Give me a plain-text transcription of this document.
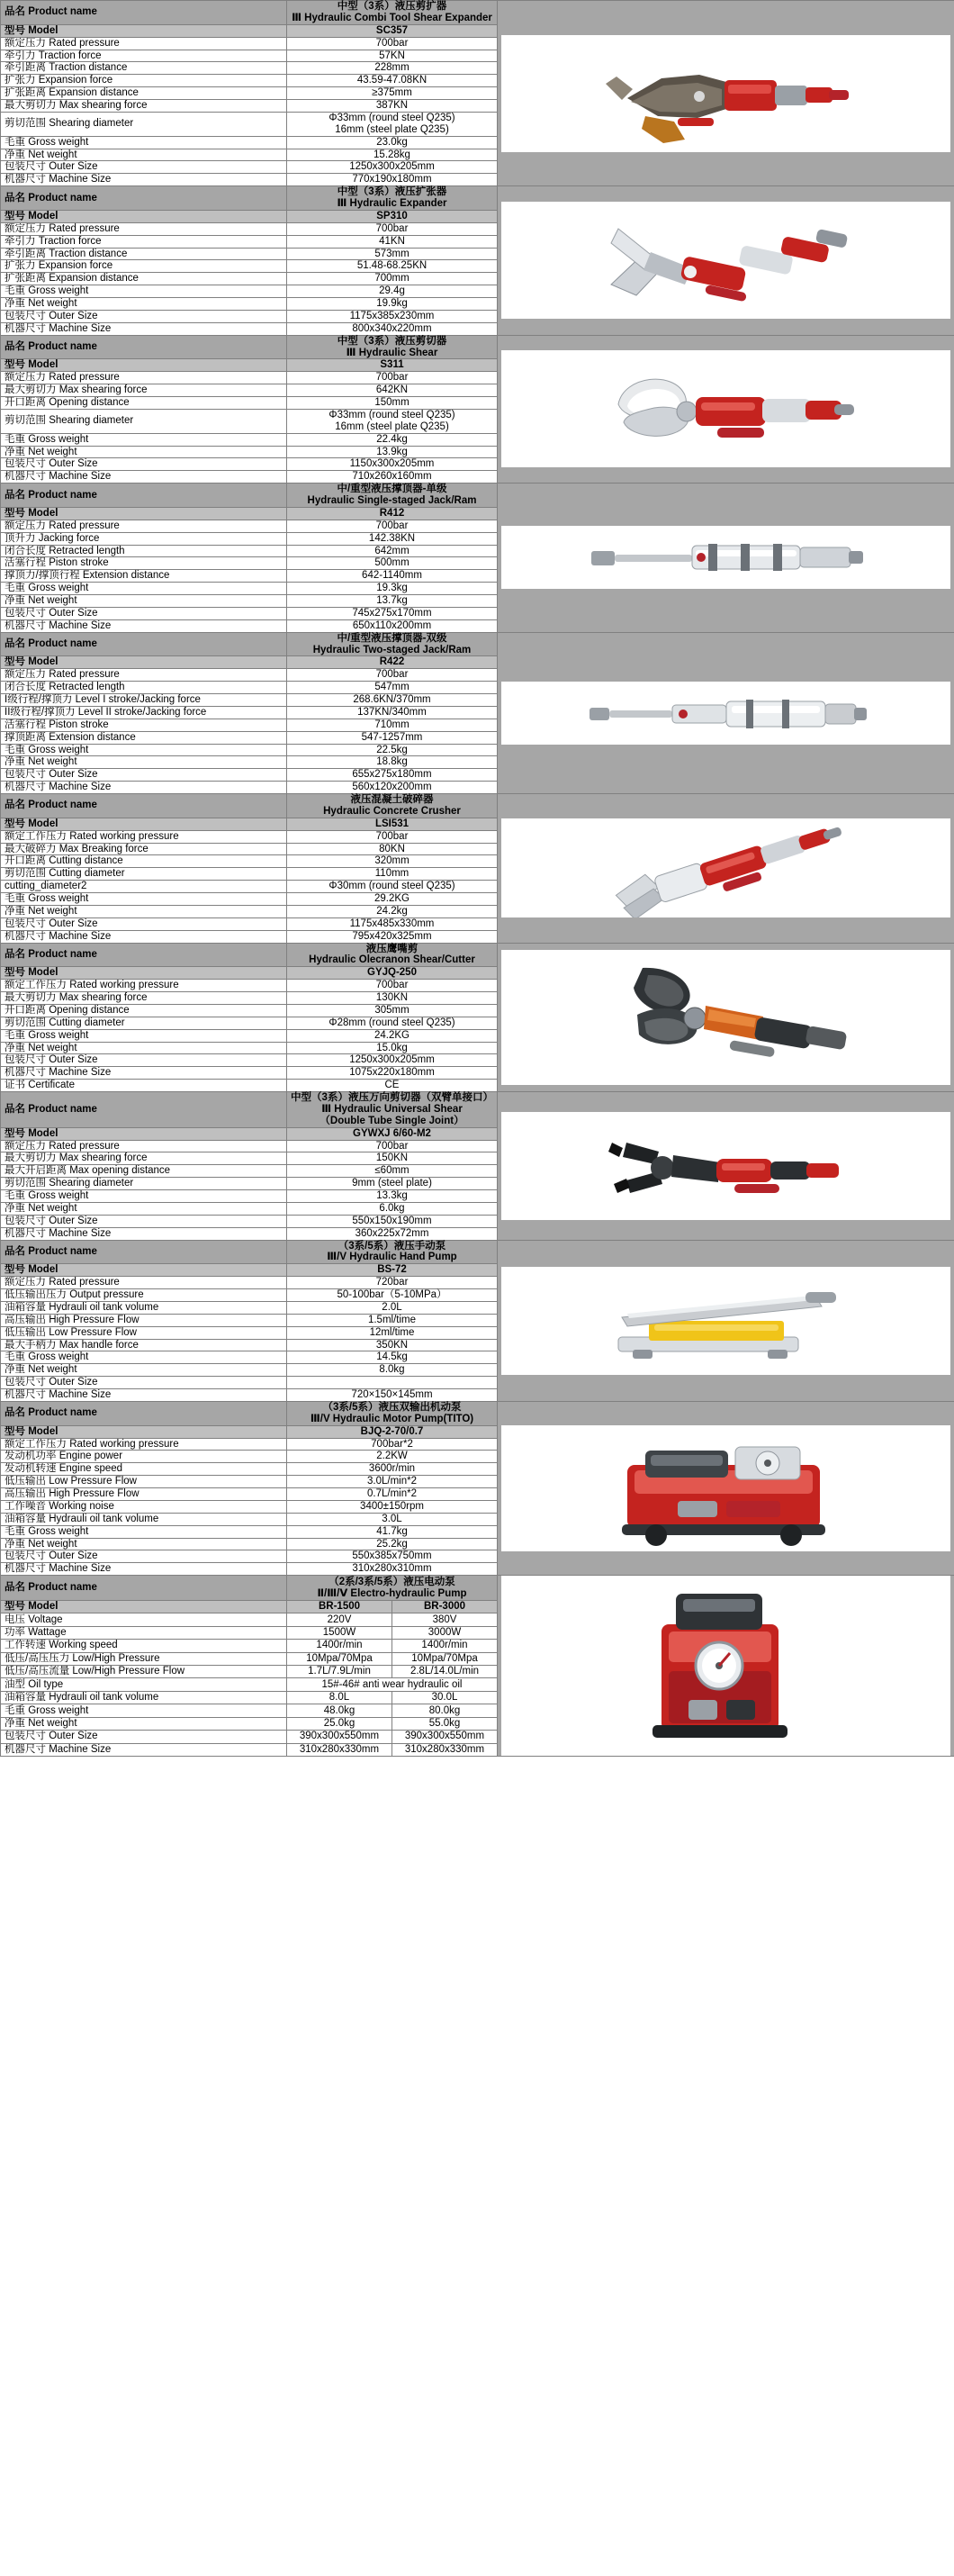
品名 Product name	中型（3系）液压剪扩器
Ⅲ Hydraulic Combi Tool Shear Expander

型号 Model	SC357		
额定压力 Rated pressure	700bar		
牵引力 Traction force	57KN		
牵引距离 Traction distance	228mm		
扩张力 Expansion force	43.59-47.08KN		
扩张距离 Expansion distance	≥375mm		
最大剪切力 Max shearing force	387KN		
剪切范围 Shearing diameter	Φ33mm (round steel Q235)
16mm (steel plate Q235)		

毛重 Gross weight	23.0kg		
净重 Net weight	15.28kg		
包装尺寸 Outer Size	1250x300x205mm		
机器尺寸 Machine Size	770x190x180mm		
品名 Product name	中型（3系）液压扩张器
Ⅲ Hydraulic Expander

型号 Model	SP310		
额定压力 Rated pressure	700bar		
牵引力 Traction force	41KN		
牵引距离 Traction distance	573mm		
扩张力 Expansion force	51.48-68.25KN		
扩张距离 Expansion distance	700mm		
毛重 Gross weight	29.4g		
净重 Net weight	19.9kg		
包装尺寸 Outer Size	1175x385x230mm		
机器尺寸 Machine Size	800x340x220mm		
品名 Product name	中型（3系）液压剪切器
Ⅲ Hydraulic Shear

型号 Model	S311		
额定压力 Rated pressure	700bar		
最大剪切力 Max shearing force	642KN		
开口距离 Opening distance	150mm		
剪切范围 Shearing diameter	Φ33mm (round steel Q235)
16mm (steel plate Q235)		

毛重 Gross weight	22.4kg		
净重 Net weight	13.9kg		
包装尺寸 Outer Size	1150x300x205mm		
机器尺寸 Machine Size	710x260x160mm		
品名 Product name	中/重型液压撑顶器-单级
Hydraulic Single-staged Jack/Ram

型号 Model	R412		
额定压力 Rated pressure	700bar		
顶升力 Jacking force	142.38KN		
闭合长度 Retracted length	642mm		
活塞行程 Piston stroke	500mm		
撑顶力/撑顶行程 Extension distance	642-1140mm		
毛重 Gross weight	19.3kg		
净重 Net weight	13.7kg		
包装尺寸 Outer Size	745x275x170mm		
机器尺寸 Machine Size	650x110x200mm		
品名 Product name	中/重型液压撑顶器-双级
Hydraulic Two-staged Jack/Ram

型号 Model	R422		
额定压力 Rated pressure	700bar		
闭合长度 Retracted length	547mm		
I级行程/撑顶力 Level I stroke/Jacking force	268.6KN/370mm		
II级行程/撑顶力 Level II stroke/Jacking force	137KN/340mm		
活塞行程 Piston stroke	710mm		
撑顶距离 Extension distance	547-1257mm		
毛重 Gross weight	22.5kg		
净重 Net weight	18.8kg		
包装尺寸 Outer Size	655x275x180mm		
机器尺寸 Machine Size	560x120x200mm		
品名 Product name	液压混凝土破碎器
Hydraulic Concrete Crusher

型号 Model	LSI531		
额定工作压力 Rated working pressure	700bar		
最大破碎力 Max Breaking force	80KN		
开口距离 Cutting distance	320mm		
剪切范围 Cutting diameter	110mm		
cutting_diameter2	Φ30mm (round steel Q235)		
毛重 Gross weight	29.2KG		
净重 Net weight	24.2kg		
包装尺寸 Outer Size	1175x485x330mm		
机器尺寸 Machine Size	795x420x325mm		
品名 Product name	液压鹰嘴剪
Hydraulic Olecranon Shear/Cutter

型号 Model	GYJQ-250		
额定工作压力 Rated working pressure	700bar		
最大剪切力 Max shearing force	130KN		
开口距离 Opening distance	305mm		
剪切范围 Cutting diameter	Φ28mm (round steel Q235)		
毛重 Gross weight	24.2KG		
净重 Net weight	15.0kg		
包装尺寸 Outer Size	1250x300x205mm		
机器尺寸 Machine Size	1075x220x180mm		
证书 Certificate	CE		
品名 Product name	中型（3系）液压万向剪切器（双臂单接口）
Ⅲ Hydraulic Universal Shear
（Double Tube Single Joint）

型号 Model	GYWXJ 6/60-M2		
额定压力 Rated pressure	700bar		
最大剪切力 Max shearing force	150KN		
最大开启距离 Max opening distance	≤60mm		
剪切范围 Shearing diameter	9mm (steel plate)		
毛重 Gross weight	13.3kg		
净重 Net weight	6.0kg		
包装尺寸 Outer Size	550x150x190mm		
机器尺寸 Machine Size	360x225x72mm		
品名 Product name	（3系/5系）液压手动泵
Ⅲ/V Hydraulic Hand Pump

型号 Model	BS-72		
额定压力 Rated pressure	720bar		
低压输出压力 Output pressure	50-100bar（5-10MPa）		
油箱容量 Hydrauli oil tank volume	2.0L		
高压输出 High Pressure Flow	1.5ml/time		
低压输出 Low Pressure Flow	12ml/time		
最大手柄力 Max handle force	350KN		
毛重 Gross weight	14.5kg		
净重 Net weight	8.0kg		
包装尺寸 Outer Size			
机器尺寸 Machine Size	720×150×145mm		
品名 Product name	（3系/5系）液压双输出机动泵
Ⅲ/V Hydraulic Motor Pump(TITO)

型号 Model	BJQ-2-70/0.7		
额定工作压力 Rated working pressure	700bar*2		
发动机功率 Engine power	2.2KW		
发动机转速 Engine speed	3600r/min		
低压输出 Low Pressure Flow	3.0L/min*2		
高压输出 High Pressure Flow	0.7L/min*2		
工作噪音 Working noise	3400±150rpm		
油箱容量 Hydrauli oil tank volume	3.0L		
毛重 Gross weight	41.7kg		
净重 Net weight	25.2kg		
包装尺寸 Outer Size	550x385x750mm		
机器尺寸 Machine Size	310x280x310mm		
品名 Product name	（2系/3系/5系）液压电动泵
Ⅱ/Ⅲ/Ⅴ Electro-hydraulic Pump

型号 Model	BR-1500	BR-3000	
电压 Voltage	220V	380V	
功率 Wattage	1500W	3000W	
工作转速 Working speed	1400r/min	1400r/min	
低压/高压压力 Low/High Pressure	10Mpa/70Mpa	10Mpa/70Mpa	
低压/高压流量 Low/High Pressure Flow	1.7L/7.9L/min	2.8L/14.0L/min	
油型 Oil type	15#-46# anti wear hydraulic oil		
油箱容量 Hydrauli oil tank volume	8.0L	30.0L	
毛重 Gross weight	48.0kg	80.0kg	
净重 Net weight	25.0kg	55.0kg	
包装尺寸 Outer Size	390x300x550mm	390x300x550mm	
机器尺寸 Machine Size	310x280x330mm	310x280x330mm	
